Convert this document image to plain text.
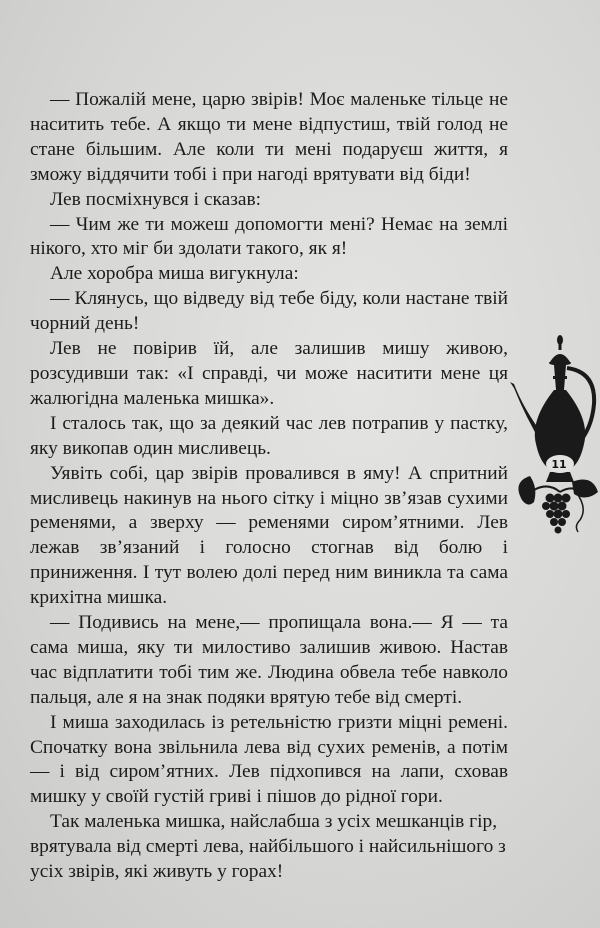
— Пожалій мене, царю звірів! Моє маленьке тільце не наситить тебе. А якщо ти мене відпустиш, твій голод не стане більшим. Але коли ти мені подаруєш життя, я зможу віддячити тобі і при нагоді врятувати від біди!

Лев посміхнувся і сказав:

— Чим же ти можеш допомогти мені? Немає на землі нікого, хто міг би здолати такого, як я!

Але хоробра миша вигукнула:

— Клянусь, що відведу від тебе біду, коли настане твій чорний день!

Лев не повірив їй, але залишив мишу живою, розсудивши так: «І справді, чи може наситити мене ця жалюгідна маленька мишка».

І сталось так, що за деякий час лев потрапив у пастку, яку викопав один мисливець.

Уявіть собі, цар звірів провалився в яму! А спритний мисливець накинув на нього сітку і міцно зв’язав сухими ременями, а зверху — ременями сиром’ятними. Лев лежав зв’язаний і голосно стогнав від болю і приниження. І тут волею долі перед ним виникла та сама крихітна мишка.

— Подивись на мене,— пропищала вона.— Я — та сама миша, яку ти милостиво залишив живою. Настав час відплатити тобі тим же. Людина обвела тебе навколо пальця, але я на знак подяки врятую тебе від смерті.

І миша заходилась із ретельністю гризти міцні ремені. Спочатку вона звільнила лева від сухих ременів, а потім — і від сиром’ятних. Лев підхопився на лапи, сховав мишку у своїй густій гриві і пішов до рідної гори.

Так маленька мишка, найслабша з усіх мешканців гір, врятувала від смерті лева, найбільшого і найсильнішого з усіх звірів, які живуть у горах!

11
